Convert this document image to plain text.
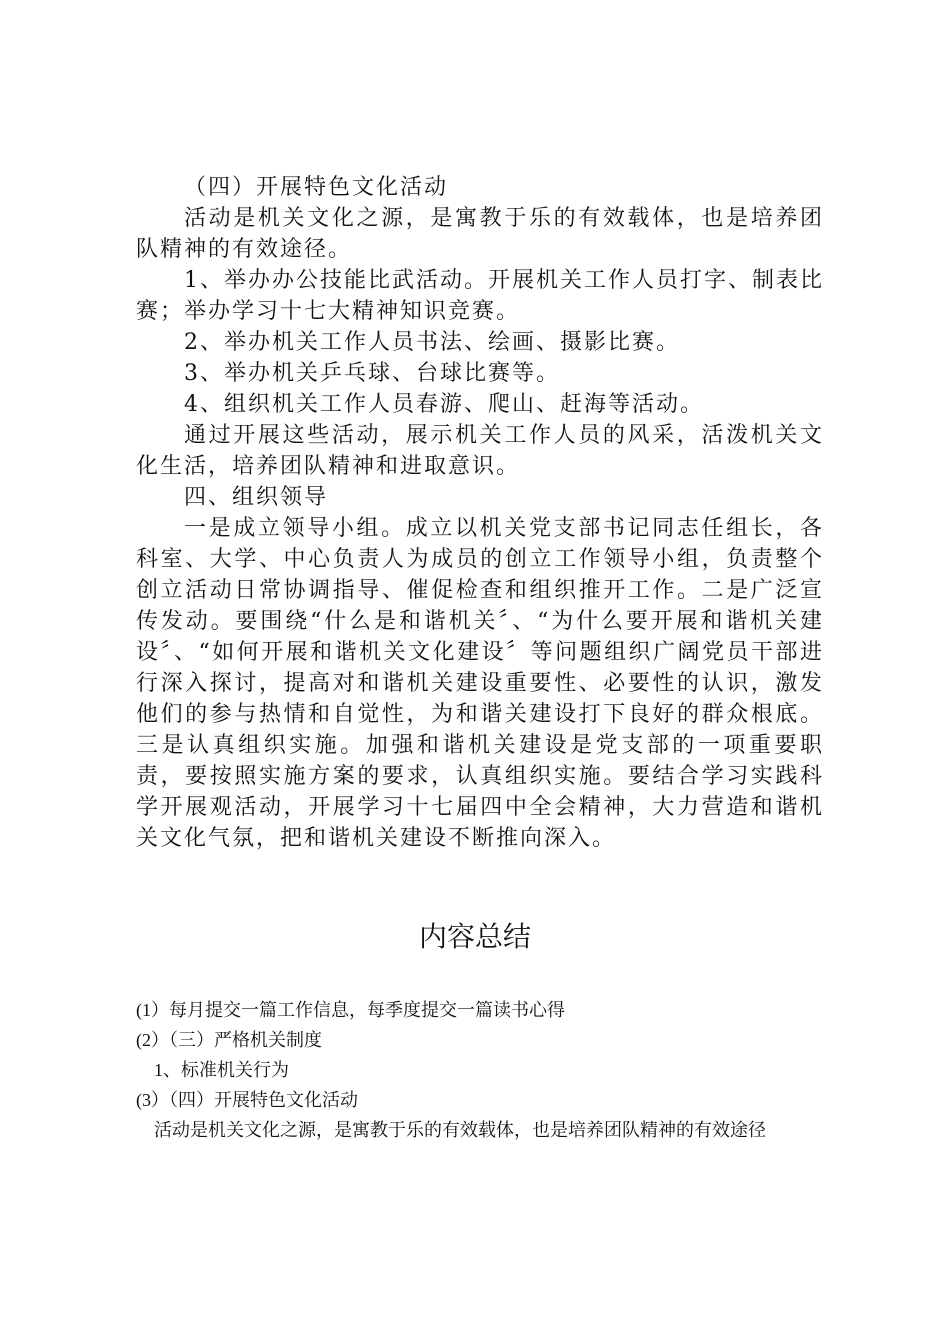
（四）开展特色文化活动

活动是机关文化之源，是寓教于乐的有效载体，也是培养团队精神的有效途径。

1、举办办公技能比武活动。开展机关工作人员打字、制表比赛；举办学习十七大精神知识竞赛。

2、举办机关工作人员书法、绘画、摄影比赛。

3、举办机关乒乓球、台球比赛等。

4、组织机关工作人员春游、爬山、赶海等活动。

通过开展这些活动，展示机关工作人员的风采，活泼机关文化生活，培养团队精神和进取意识。

四、组织领导

一是成立领导小组。成立以机关党支部书记同志任组长，各科室、大学、中心负责人为成员的创立工作领导小组，负责整个创立活动日常协调指导、催促检查和组织推开工作。二是广泛宣传发动。要围绕“什么是和谐机关〞、“为什么要开展和谐机关建设〞、“如何开展和谐机关文化建设〞等问题组织广阔党员干部进行深入探讨，提高对和谐机关建设重要性、必要性的认识，激发他们的参与热情和自觉性，为和谐关建设打下良好的群众根底。三是认真组织实施。加强和谐机关建设是党支部的一项重要职责，要按照实施方案的要求，认真组织实施。要结合学习实践科学开展观活动，开展学习十七届四中全会精神，大力营造和谐机关文化气氛，把和谐机关建设不断推向深入。

内容总结

(1）每月提交一篇工作信息，每季度提交一篇读书心得

(2）（三）严格机关制度

1、标准机关行为

(3）（四）开展特色文化活动

活动是机关文化之源，是寓教于乐的有效载体，也是培养团队精神的有效途径
